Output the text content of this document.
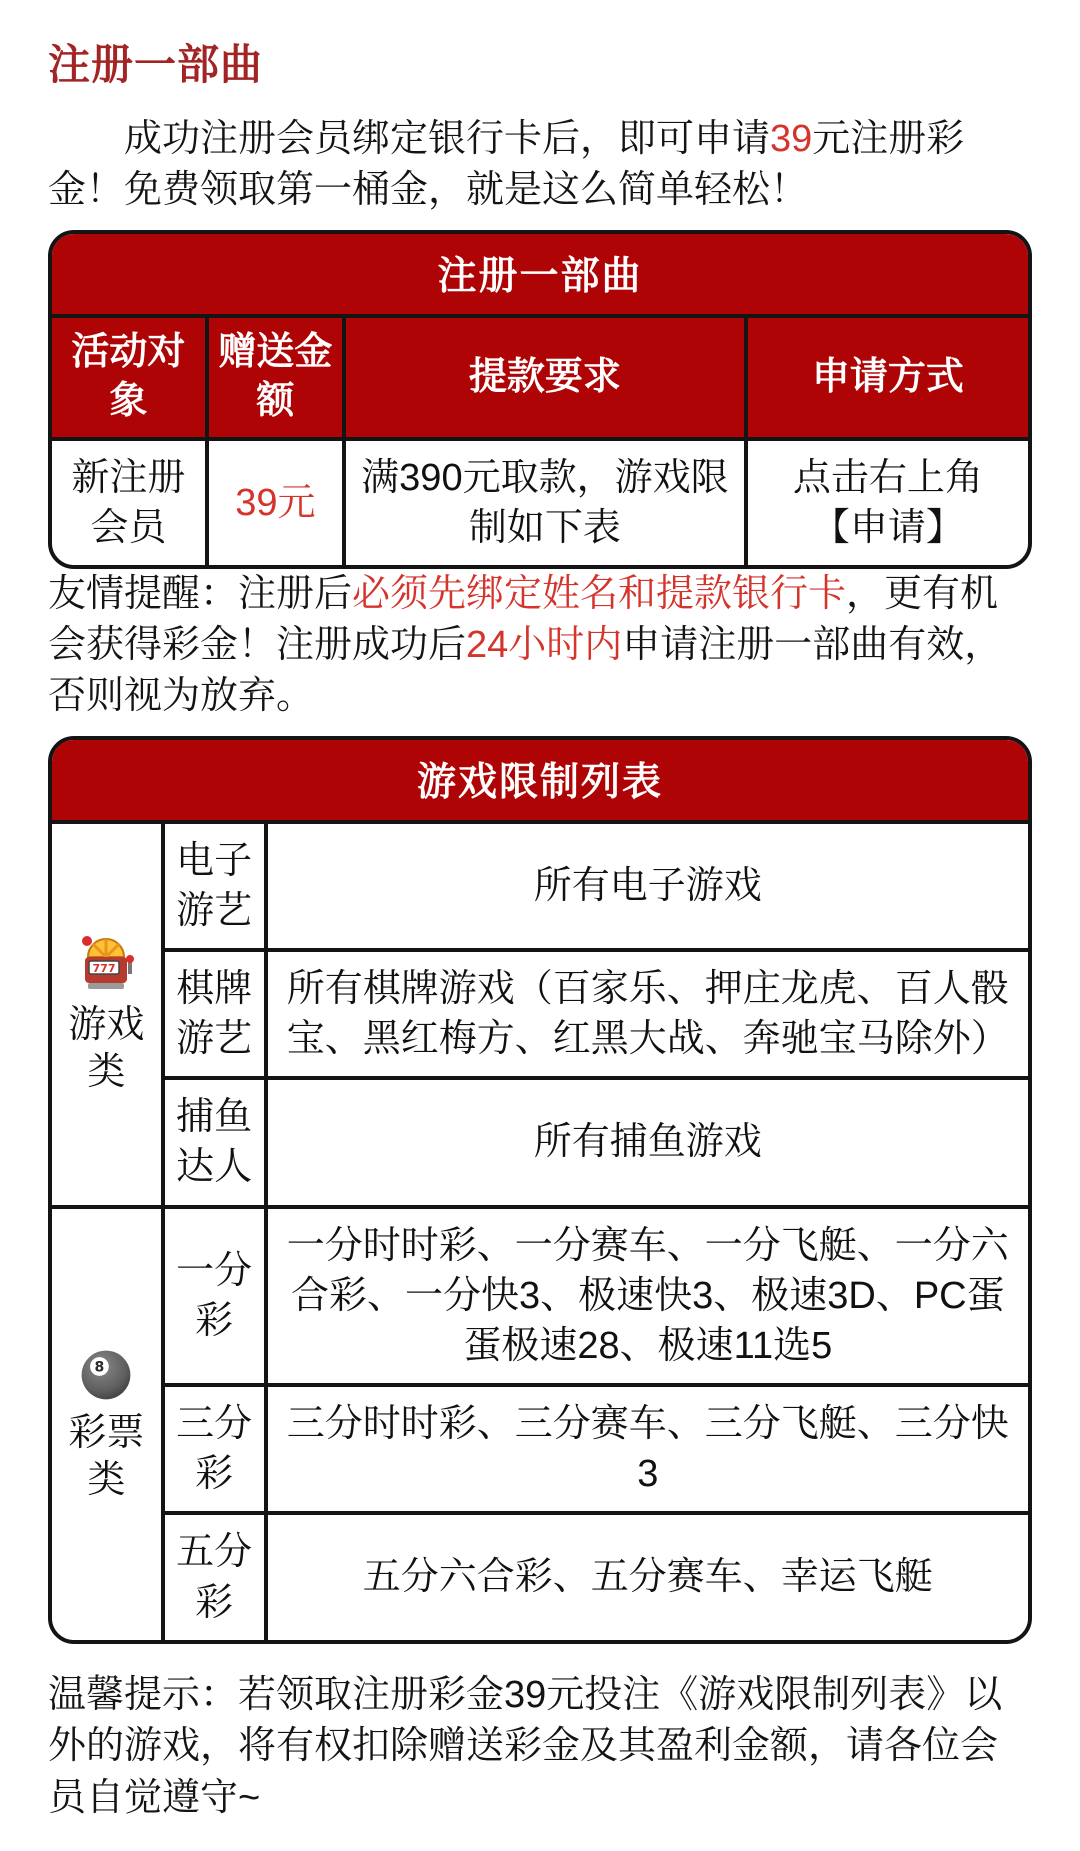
注册一部曲

成功注册会员绑定银行卡后，即可申请39元注册彩金！免费领取第一桶金，就是这么简单轻松！

注册一部曲
活动对象	赠送金额	提款要求	申请方式
新注册会员	39元	满390元取款，游戏限制如下表	点击右上角【申请】

友情提醒：注册后必须先绑定姓名和提款银行卡，更有机会获得彩金！注册成功后24小时内申请注册一部曲有效，否则视为放弃。

游戏限制列表
777
游戏类	电子游艺	所有电子游戏
	棋牌游艺	所有棋牌游戏（百家乐、押庄龙虎、百人骰宝、黑红梅方、红黑大战、奔驰宝马除外）
	捕鱼达人	所有捕鱼游戏

8
彩票类	一分彩	一分时时彩、一分赛车、一分飞艇、一分六合彩、一分快3、极速快3、极速3D、PC蛋蛋极速28、极速11选5
	三分彩	三分时时彩、三分赛车、三分飞艇、三分快3
	五分彩	五分六合彩、五分赛车、幸运飞艇

温馨提示：若领取注册彩金39元投注《游戏限制列表》以外的游戏，将有权扣除赠送彩金及其盈利金额，请各位会员自觉遵守~
